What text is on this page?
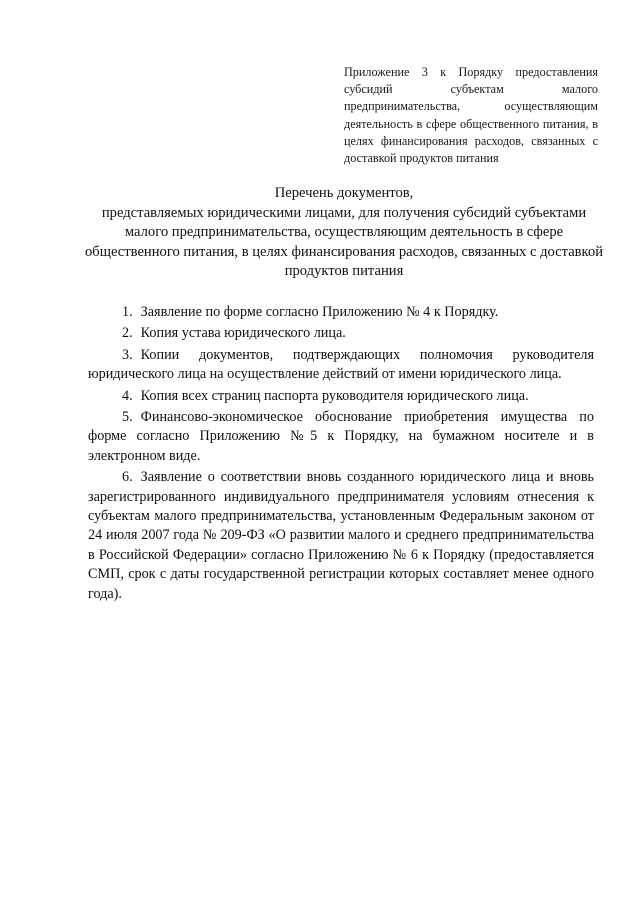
Приложение 3 к Порядку предоставления субсидий субъектам малого предпринимательства, осуществляющим деятельность в сфере общественного питания, в целях финансирования расходов, связанных с доставкой продуктов питания

Перечень документов,

представляемых юридическими лицами, для получения субсидий субъектами малого предпринимательства, осуществляющим деятельность в сфере общественного питания, в целях финансирования расходов, связанных с доставкой продуктов питания

1. Заявление по форме согласно Приложению № 4 к Порядку.
2. Копия устава юридического лица.
3. Копии документов, подтверждающих полномочия руководителя юридического лица на осуществление действий от имени юридического лица.
4. Копия всех страниц паспорта руководителя юридического лица.
5. Финансово-экономическое обоснование приобретения имущества по форме согласно Приложению №5 к Порядку, на бумажном носителе и в электронном виде.
6. Заявление о соответствии вновь созданного юридического лица и вновь зарегистрированного индивидуального предпринимателя условиям отнесения к субъектам малого предпринимательства, установленным Федеральным законом от 24 июля 2007 года № 209-ФЗ «О развитии малого и среднего предпринимательства в Российской Федерации» согласно Приложению № 6 к Порядку (предоставляется СМП, срок с даты государственной регистрации которых составляет менее одного года).
